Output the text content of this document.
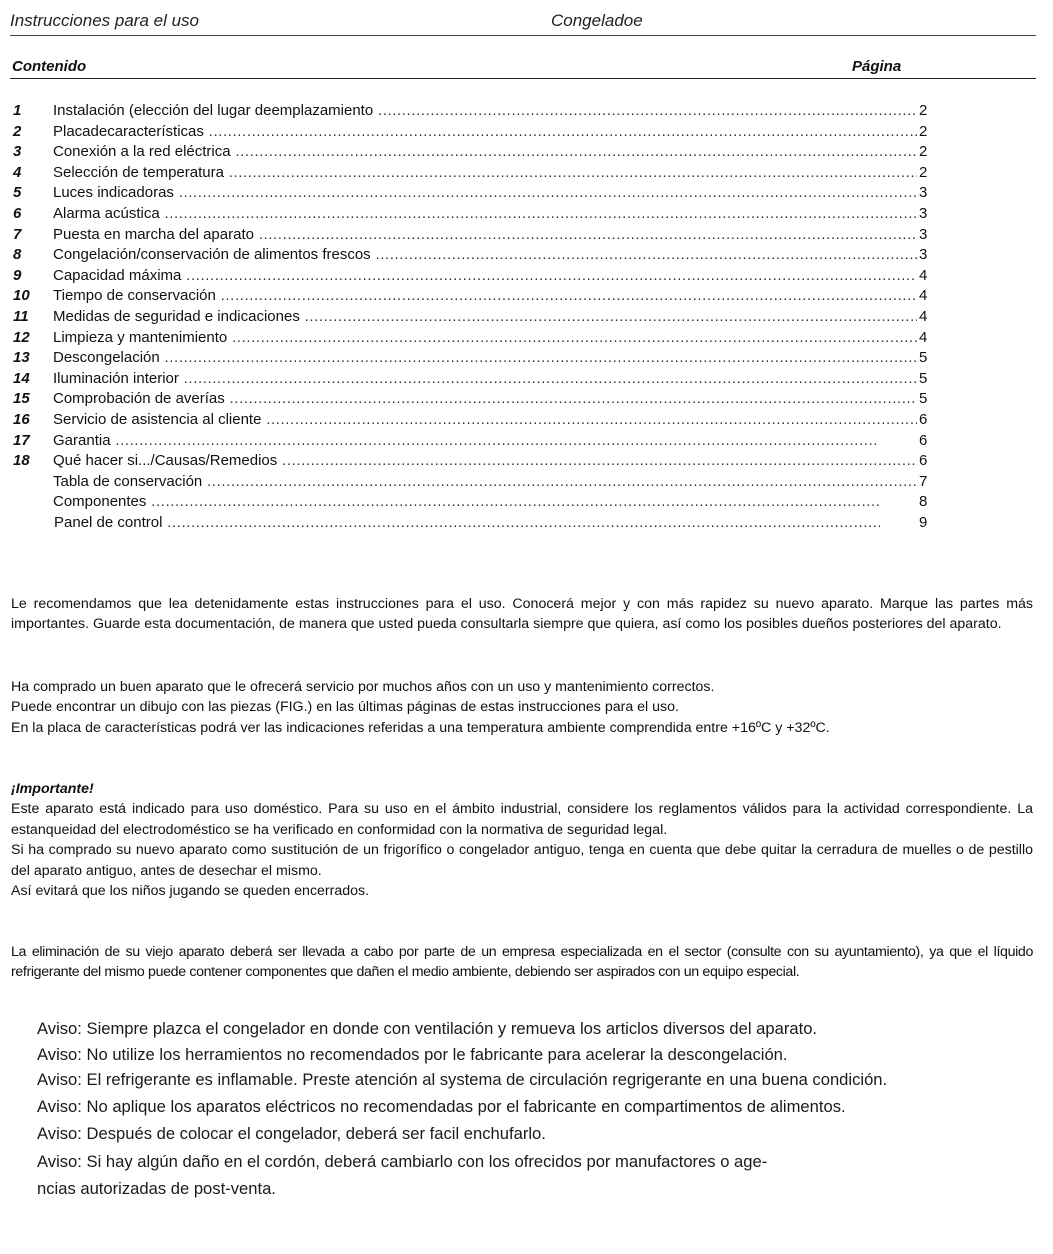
Instrucciones para el uso	Congeladoe
Contenido	Página
1 Instalación (elección del lugar deemplazamiento .....	2
2 Placadecaracterísticas .....	2
3 Conexión a la red eléctrica .....	2
4 Selección de temperatura .....	2
5 Luces indicadoras .....	3
6 Alarma acústica .....	3
7 Puesta en marcha del aparato .....	3
8 Congelación/conservación de alimentos frescos .....	3
9 Capacidad máxima .....	4
10 Tiempo de conservación .....	4
11 Medidas de seguridad e indicaciones .....	4
12 Limpieza y mantenimiento .....	4
13 Descongelación .....	5
14 Iluminación interior .....	5
15 Comprobación de averías .....	5
16 Servicio de asistencia al cliente .....	6
17 Garantia .....	6
18 Qué hacer si.../Causas/Remedios .....	6
Tabla de conservación .....	7
Componentes .....	8
Panel de control .....	9

Le recomendamos que lea detenidamente estas instrucciones para el uso. Conocerá mejor y con más rapidez su nuevo aparato. Marque las partes más importantes. Guarde esta documentación, de manera que usted pueda consultarla siempre que quiera, así como los posibles dueños posteriores del aparato.

Ha comprado un buen aparato que le ofrecerá servicio por muchos años con un uso y mantenimiento correctos.
Puede encontrar un dibujo con las piezas (FIG.) en las últimas páginas de estas instrucciones para el uso.

En la placa de características podrá ver las indicaciones referidas a una temperatura ambiente comprendida entre +16ºC y +32ºC.

¡Importante!
Este aparato está indicado para uso doméstico. Para su uso en el ámbito industrial, considere los reglamentos válidos para la actividad correspondiente. La estanqueidad del electrodoméstico se ha verificado en conformidad con la normativa de seguridad legal.
Si ha comprado su nuevo aparato como sustitución de un frigorífico o congelador antiguo, tenga en cuenta que debe quitar la cerradura de muelles o de pestillo del aparato antiguo, antes de desechar el mismo.
Así evitará que los niños jugando se queden encerrados.

La eliminación de su viejo aparato deberá ser llevada a cabo por parte de un empresa especializada en el sector (consulte con su ayuntamiento), ya que el líquido refrigerante del mismo puede contener componentes que dañen el medio ambiente, debiendo ser aspirados con un equipo especial.

Aviso: Siempre plazca el congelador en donde con ventilación y remueva los articlos diversos del aparato.
Aviso: No utilize los herramientos no recomendados por le fabricante para acelerar la descongelación.
Aviso: El refrigerante es inflamable. Preste atención al systema de circulación regrigerante en una buena condición.
Aviso: No aplique los aparatos eléctricos no recomendadas por el fabricante en compartimentos de alimentos.
Aviso: Después de colocar el congelador, deberá ser facil enchufarlo.
Aviso: Si hay algún daño en el cordón, deberá cambiarlo con los ofrecidos por manufactores o age-
ncias autorizadas de post-venta.
